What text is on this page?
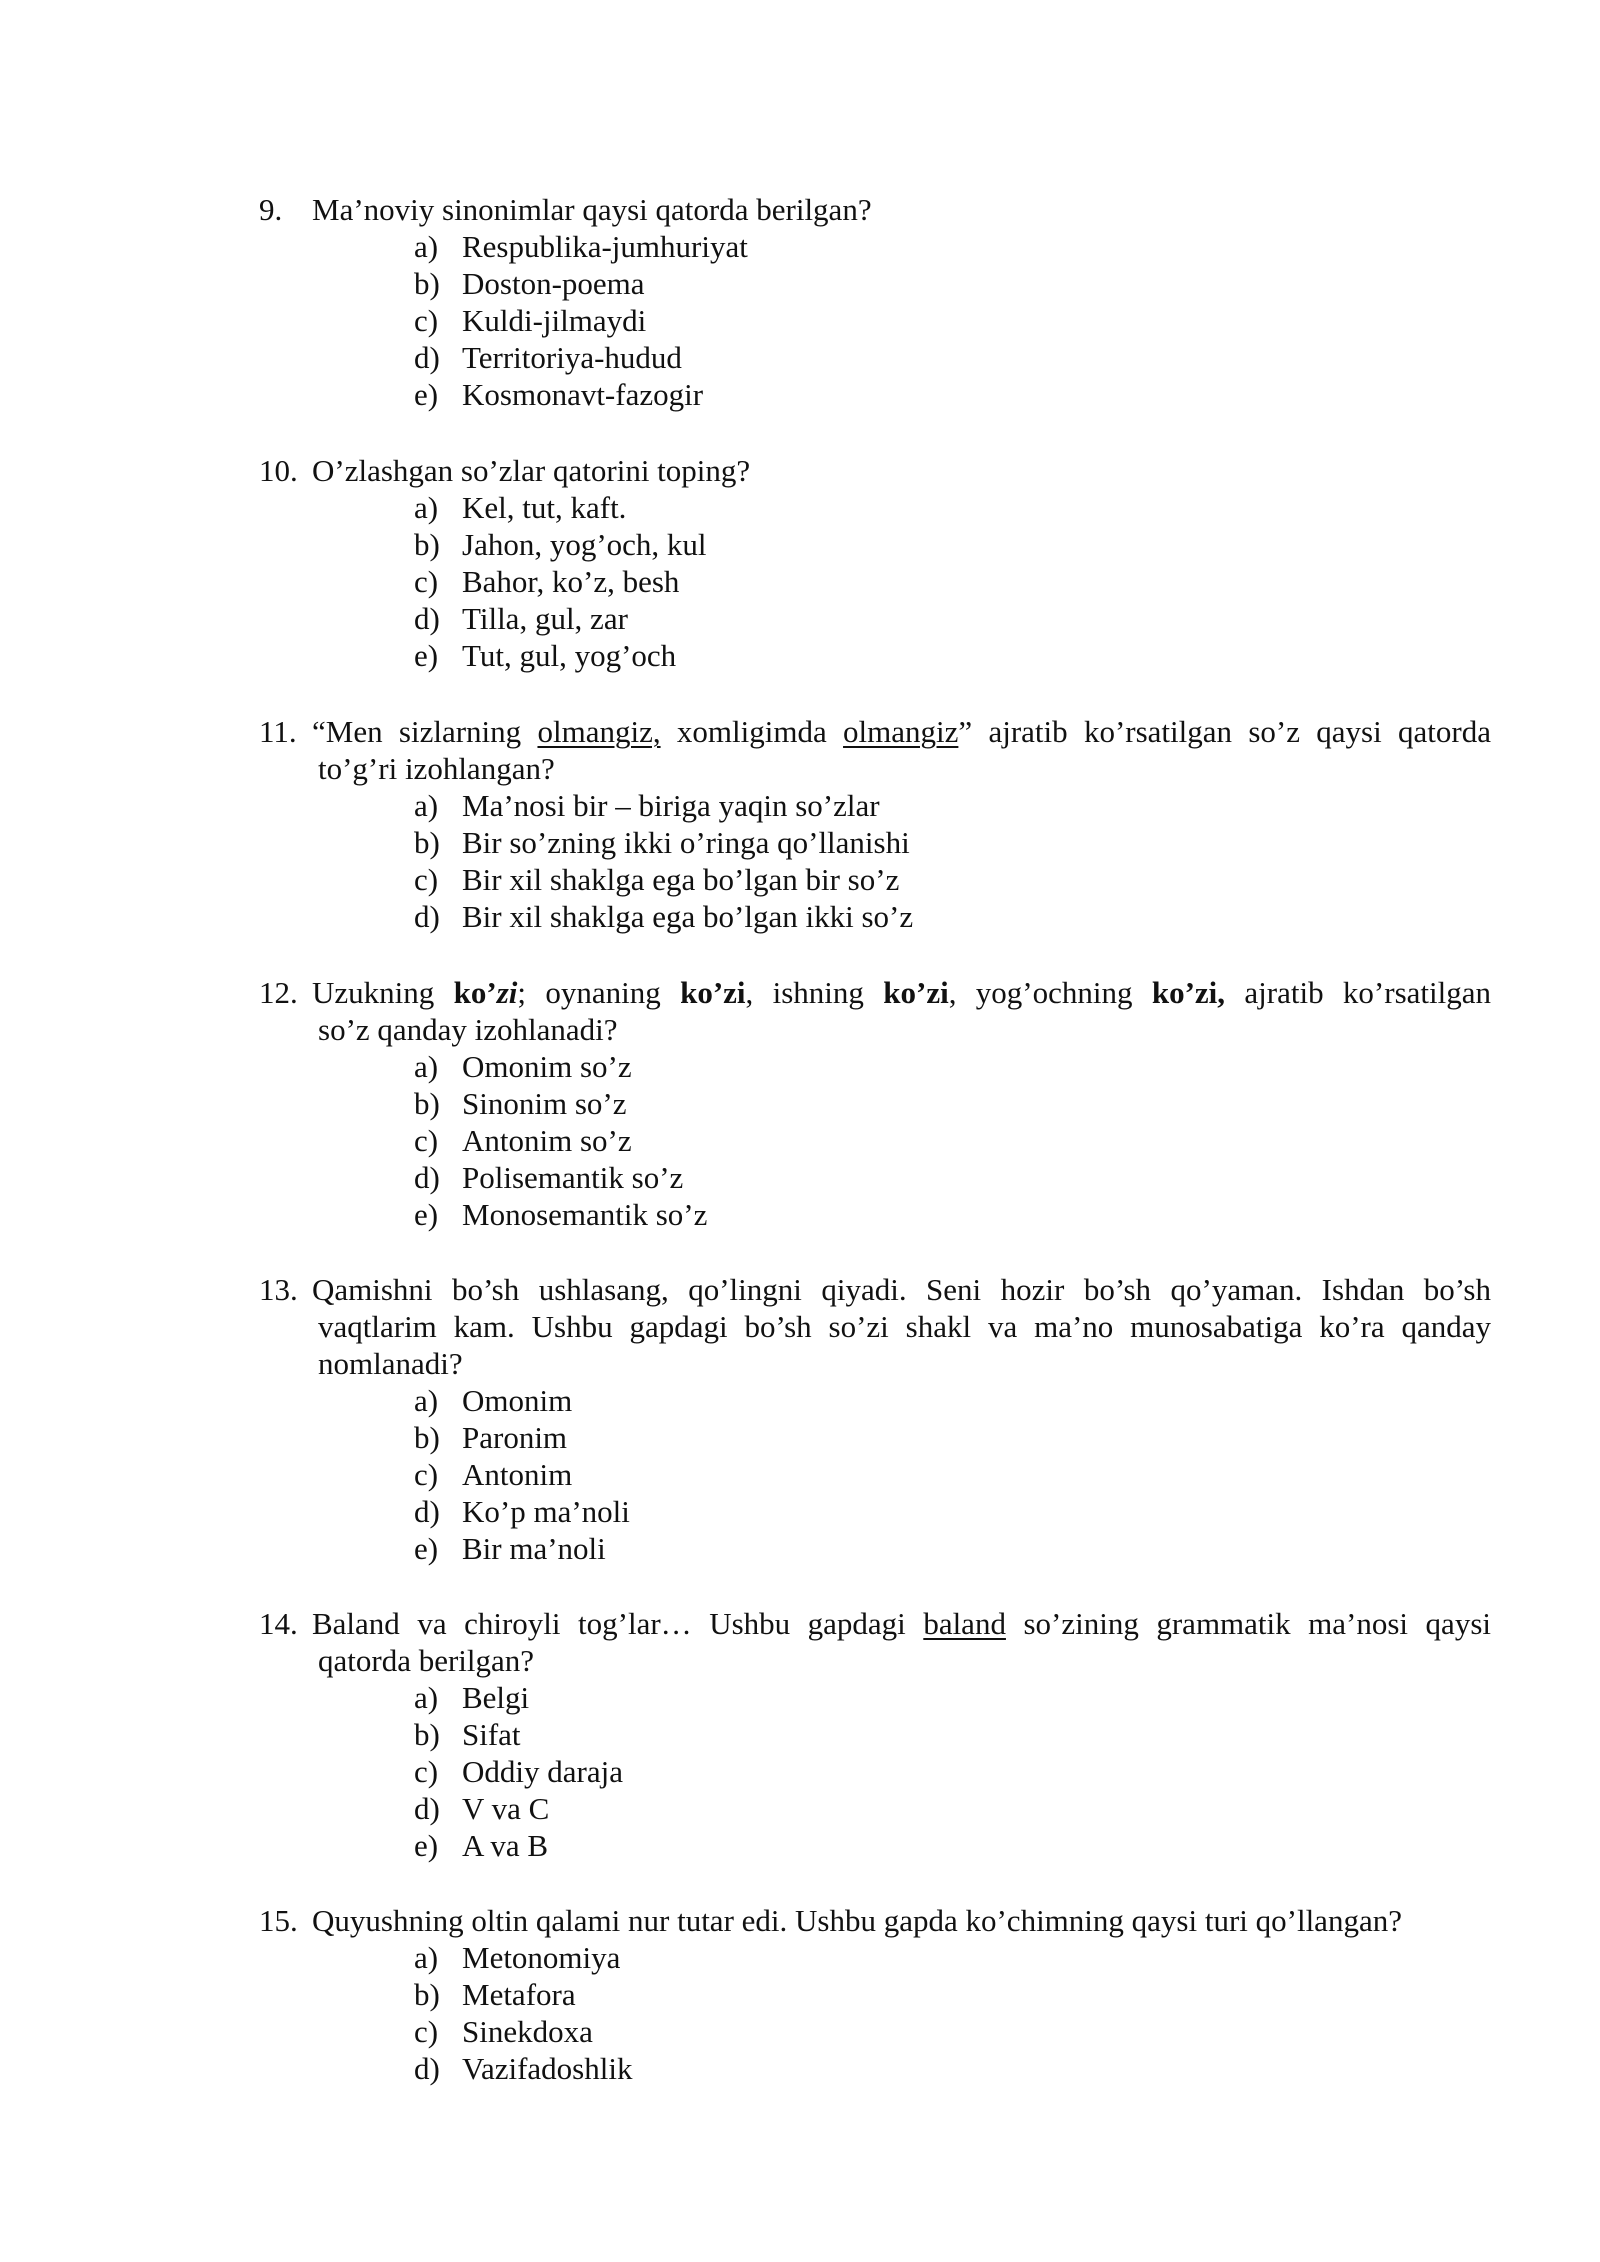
9. Ma’noviy sinonimlar qaysi qatorda berilgan?
a) Respublika-jumhuriyat
b) Doston-poema
c) Kuldi-jilmaydi
d) Territoriya-hudud
e) Kosmonavt-fazogir
10. O’zlashgan so’zlar qatorini toping?
a) Kel, tut, kaft.
b) Jahon, yog’och, kul
c) Bahor, ko’z, besh
d) Tilla, gul, zar
e) Tut, gul, yog’och
11. “Men sizlarning olmangiz, xomligimda olmangiz” ajratib ko’rsatilgan so’z qaysi qatorda
to’g’ri izohlangan?
a) Ma’nosi bir – biriga yaqin so’zlar
b) Bir so’zning ikki o’ringa qo’llanishi
c) Bir xil shaklga ega bo’lgan bir so’z
d) Bir xil shaklga ega bo’lgan ikki so’z
12. Uzukning ko’zi; oynaning ko’zi, ishning ko’zi, yog’ochning ko’zi, ajratib ko’rsatilgan
so’z qanday izohlanadi?
a) Omonim so’z
b) Sinonim so’z
c) Antonim so’z
d) Polisemantik so’z
e) Monosemantik so’z
13. Qamishni bo’sh ushlasang, qo’lingni qiyadi. Seni hozir bo’sh qo’yaman. Ishdan bo’sh
vaqtlarim kam. Ushbu gapdagi bo’sh so’zi shakl va ma’no munosabatiga ko’ra qanday
nomlanadi?
a) Omonim
b) Paronim
c) Antonim
d) Ko’p ma’noli
e) Bir ma’noli
14. Baland va chiroyli tog’lar… Ushbu gapdagi baland so’zining grammatik ma’nosi qaysi
qatorda berilgan?
a) Belgi
b) Sifat
c) Oddiy daraja
d) V va C
e) A va B
15. Quyushning oltin qalami nur tutar edi. Ushbu gapda ko’chimning qaysi turi qo’llangan?
a) Metonomiya
b) Metafora
c) Sinekdoxa
d) Vazifadoshlik
